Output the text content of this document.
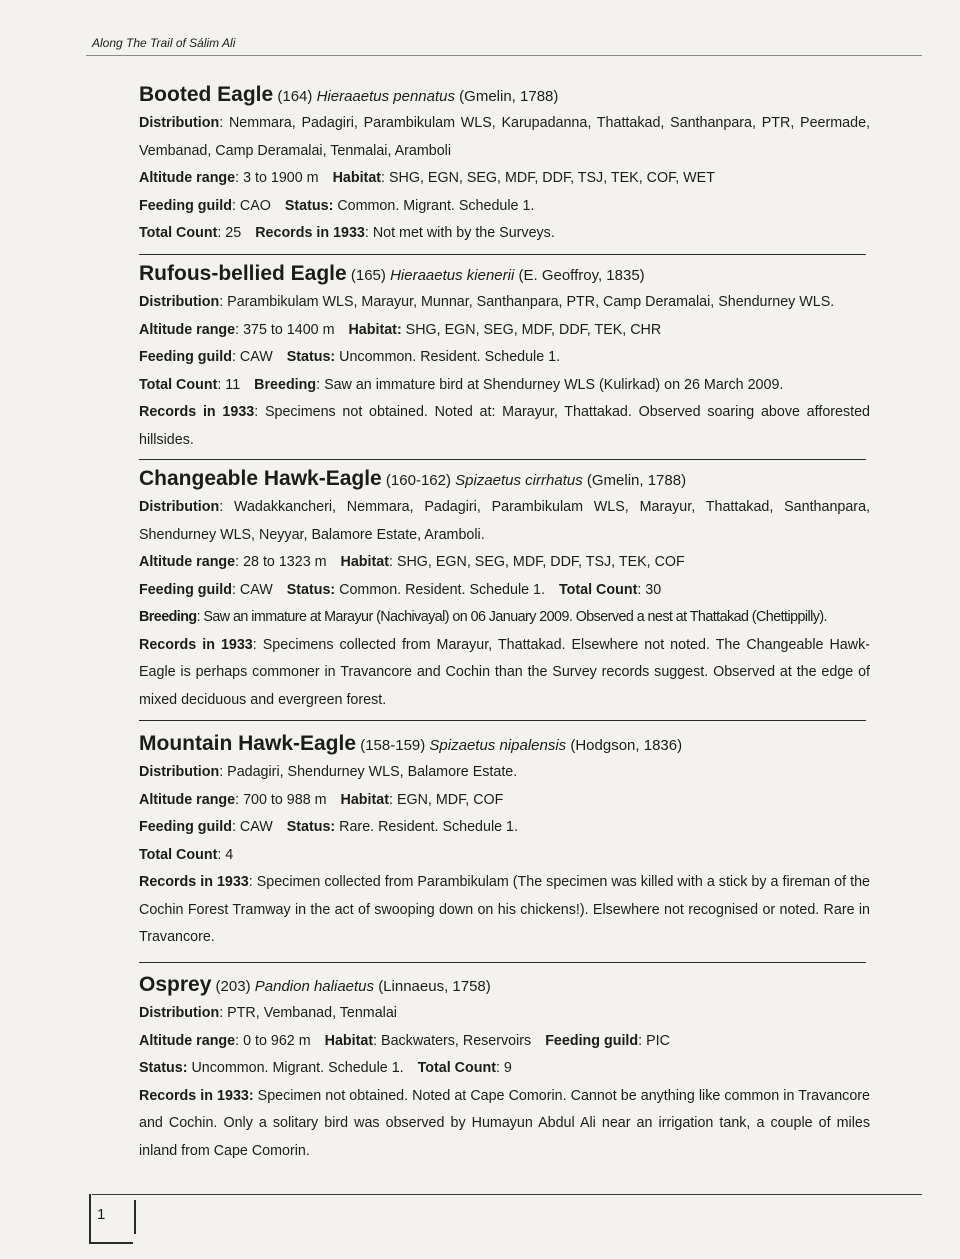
Along The Trail of Sálim Ali
Booted Eagle (164) Hieraaetus pennatus (Gmelin, 1788)
Distribution: Nemmara, Padagiri, Parambikulam WLS, Karupadanna, Thattakad, Santhanpara, PTR, Peermade, Vembanad, Camp Deramalai, Tenmalai, Aramboli
Altitude range: 3 to 1900 m Habitat: SHG, EGN, SEG, MDF, DDF, TSJ, TEK, COF, WET
Feeding guild: CAO Status: Common. Migrant. Schedule 1.
Total Count: 25 Records in 1933: Not met with by the Surveys.
Rufous-bellied Eagle (165) Hieraaetus kienerii (E. Geoffroy, 1835)
Distribution: Parambikulam WLS, Marayur, Munnar, Santhanpara, PTR, Camp Deramalai, Shendurney WLS.
Altitude range: 375 to 1400 m Habitat: SHG, EGN, SEG, MDF, DDF, TEK, CHR
Feeding guild: CAW Status: Uncommon. Resident. Schedule 1.
Total Count: 11 Breeding: Saw an immature bird at Shendurney WLS (Kulirkad) on 26 March 2009.
Records in 1933: Specimens not obtained. Noted at: Marayur, Thattakad. Observed soaring above afforested hillsides.
Changeable Hawk-Eagle (160-162) Spizaetus cirrhatus (Gmelin, 1788)
Distribution: Wadakkancheri, Nemmara, Padagiri, Parambikulam WLS, Marayur, Thattakad, Santhanpara, Shendurney WLS, Neyyar, Balamore Estate, Aramboli.
Altitude range: 28 to 1323 m Habitat: SHG, EGN, SEG, MDF, DDF, TSJ, TEK, COF
Feeding guild: CAW Status: Common. Resident. Schedule 1. Total Count: 30
Breeding: Saw an immature at Marayur (Nachivayal) on 06 January 2009. Observed a nest at Thattakad (Chettippilly).
Records in 1933: Specimens collected from Marayur, Thattakad. Elsewhere not noted. The Changeable Hawk-Eagle is perhaps commoner in Travancore and Cochin than the Survey records suggest. Observed at the edge of mixed deciduous and evergreen forest.
Mountain Hawk-Eagle (158-159) Spizaetus nipalensis (Hodgson, 1836)
Distribution: Padagiri, Shendurney WLS, Balamore Estate.
Altitude range: 700 to 988 m Habitat: EGN, MDF, COF
Feeding guild: CAW Status: Rare. Resident. Schedule 1.
Total Count: 4
Records in 1933: Specimen collected from Parambikulam (The specimen was killed with a stick by a fireman of the Cochin Forest Tramway in the act of swooping down on his chickens!). Elsewhere not recognised or noted. Rare in Travancore.
Osprey (203) Pandion haliaetus (Linnaeus, 1758)
Distribution: PTR, Vembanad, Tenmalai
Altitude range: 0 to 962 m Habitat: Backwaters, Reservoirs Feeding guild: PIC
Status: Uncommon. Migrant. Schedule 1. Total Count: 9
Records in 1933: Specimen not obtained. Noted at Cape Comorin. Cannot be anything like common in Travancore and Cochin. Only a solitary bird was observed by Humayun Abdul Ali near an irrigation tank, a couple of miles inland from Cape Comorin.
1
